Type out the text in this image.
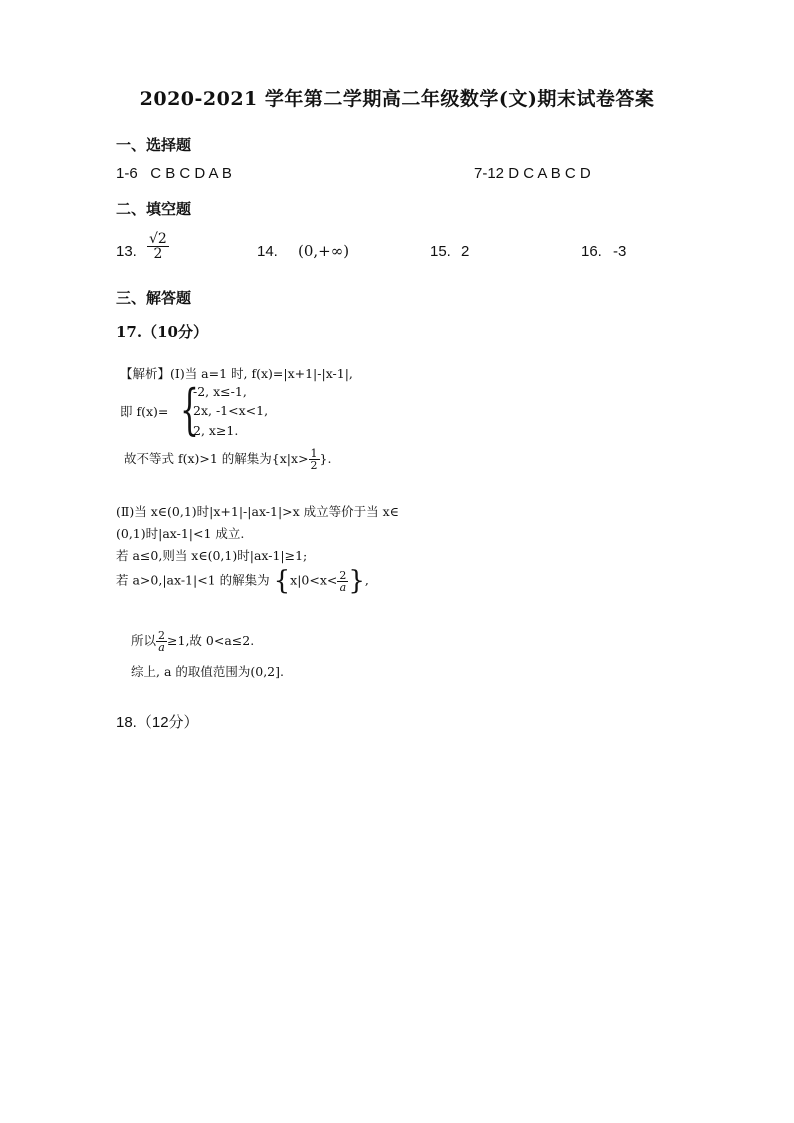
2020-2021 学年第二学期高二年级数学(文)期末试卷答案
一、选择题
1-6 C B C D A B	7-12 D C A B C D
二、填空题
13. $\frac{√2}{2}$	14. (0,+∞)	15. 2	16. -3
三、解答题
17.（10分）
【解析】(Ⅰ)当 a=1 时, f(x)=|x+1|-|x-1|,
即 f(x)= {
-2, x≤-1,
2x, -1<x<1,
2, x≥1.
故不等式 f(x)>1 的解集为{$x|x> \frac{1}{2}$ }.
(Ⅱ)当 x∈(0,1)时|x+1|-|ax-1|>x 成立等价于当 x∈
(0,1)时|ax-1|<1 成立.
若 a≤0,则当 x∈(0,1)时|ax-1|≥1;
若 a>0,|ax-1|<1 的解集为 {$x|0<x< \frac{2}{a}$ },
所以 $\frac{2}{a} \ge 1$,故 0<a≤2.
综上, a 的取值范围为(0,2].
18.（12分）
